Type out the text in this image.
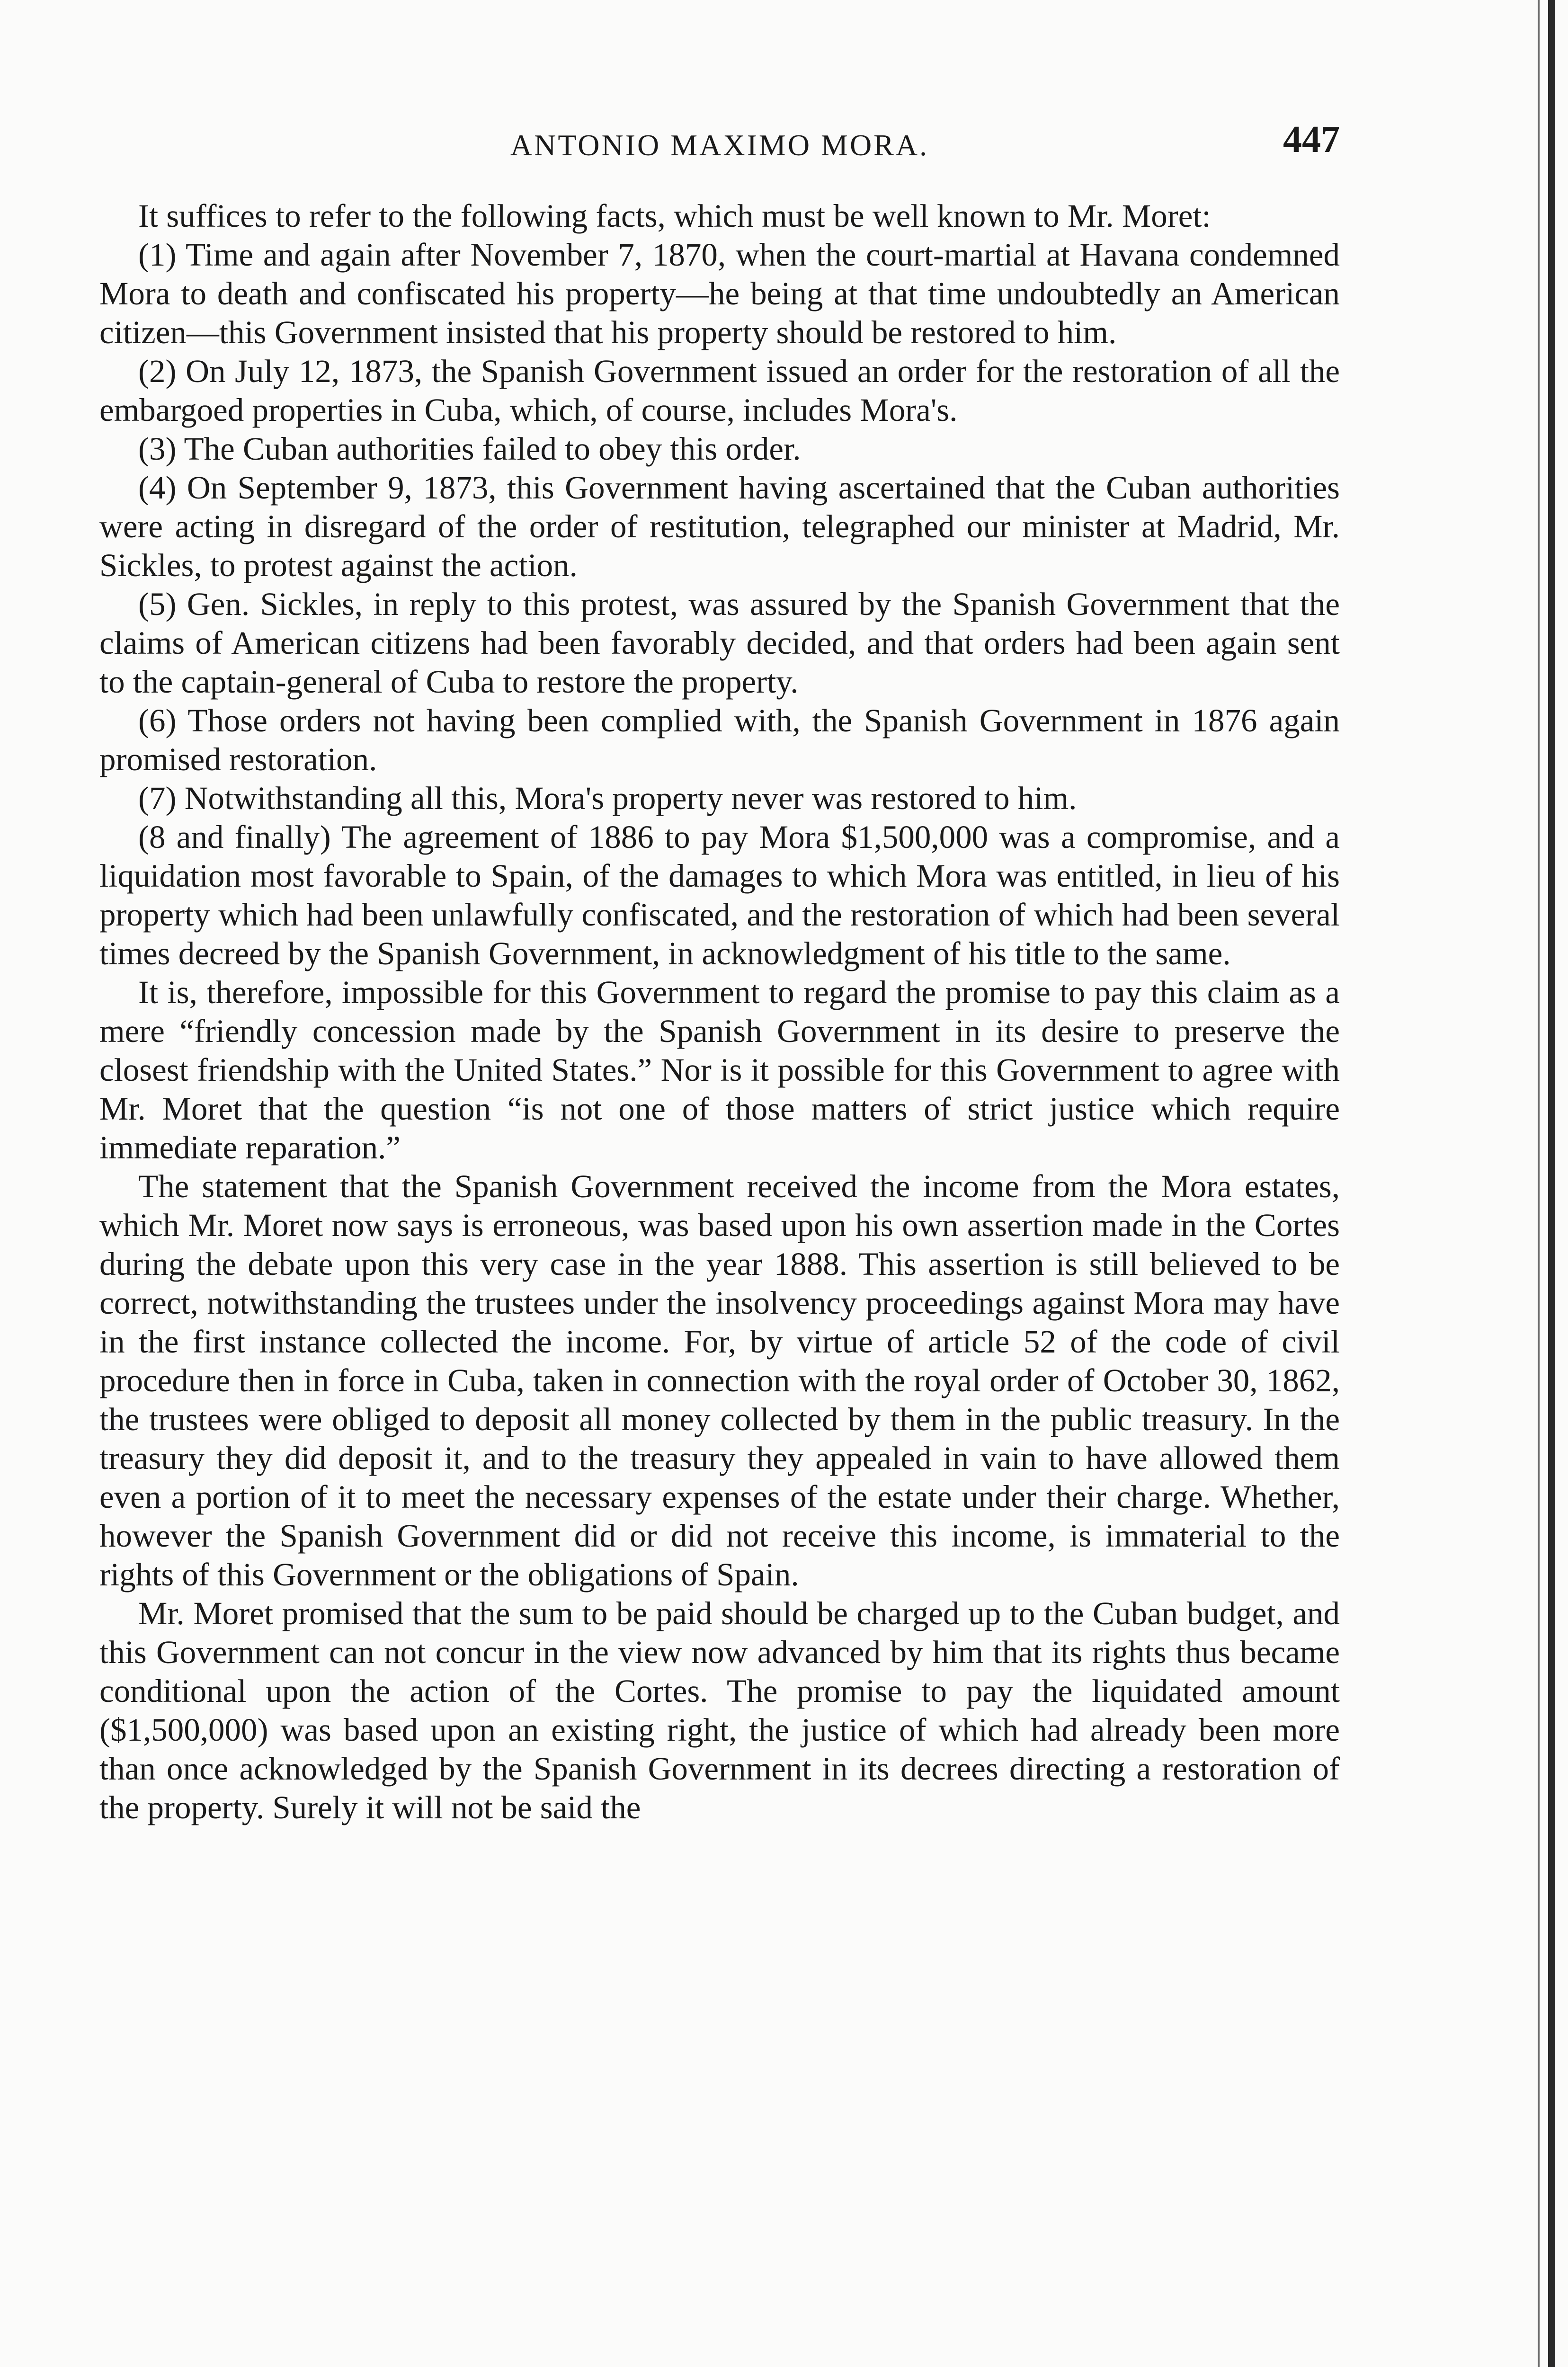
ANTONIO MAXIMO MORA.	447

It suffices to refer to the following facts, which must be well known to Mr. Moret:

(1) Time and again after November 7, 1870, when the court-martial at Havana condemned Mora to death and confiscated his property—he being at that time undoubtedly an American citizen—this Government insisted that his property should be restored to him.

(2) On July 12, 1873, the Spanish Government issued an order for the restoration of all the embargoed properties in Cuba, which, of course, includes Mora's.

(3) The Cuban authorities failed to obey this order.

(4) On September 9, 1873, this Government having ascertained that the Cuban authorities were acting in disregard of the order of restitution, telegraphed our minister at Madrid, Mr. Sickles, to protest against the action.

(5) Gen. Sickles, in reply to this protest, was assured by the Spanish Government that the claims of American citizens had been favorably decided, and that orders had been again sent to the captain-general of Cuba to restore the property.

(6) Those orders not having been complied with, the Spanish Government in 1876 again promised restoration.

(7) Notwithstanding all this, Mora's property never was restored to him.

(8 and finally) The agreement of 1886 to pay Mora $1,500,000 was a compromise, and a liquidation most favorable to Spain, of the damages to which Mora was entitled, in lieu of his property which had been unlawfully confiscated, and the restoration of which had been several times decreed by the Spanish Government, in acknowledgment of his title to the same.

It is, therefore, impossible for this Government to regard the promise to pay this claim as a mere “friendly concession made by the Spanish Government in its desire to preserve the closest friendship with the United States.” Nor is it possible for this Government to agree with Mr. Moret that the question “is not one of those matters of strict justice which require immediate reparation.”

The statement that the Spanish Government received the income from the Mora estates, which Mr. Moret now says is erroneous, was based upon his own assertion made in the Cortes during the debate upon this very case in the year 1888. This assertion is still believed to be correct, notwithstanding the trustees under the insolvency proceedings against Mora may have in the first instance collected the income. For, by virtue of article 52 of the code of civil procedure then in force in Cuba, taken in connection with the royal order of October 30, 1862, the trustees were obliged to deposit all money collected by them in the public treasury. In the treasury they did deposit it, and to the treasury they appealed in vain to have allowed them even a portion of it to meet the necessary expenses of the estate under their charge. Whether, however the Spanish Government did or did not receive this income, is immaterial to the rights of this Government or the obligations of Spain.

Mr. Moret promised that the sum to be paid should be charged up to the Cuban budget, and this Government can not concur in the view now advanced by him that its rights thus became conditional upon the action of the Cortes. The promise to pay the liquidated amount ($1,500,000) was based upon an existing right, the justice of which had already been more than once acknowledged by the Spanish Government in its decrees directing a restoration of the property. Surely it will not be said the
